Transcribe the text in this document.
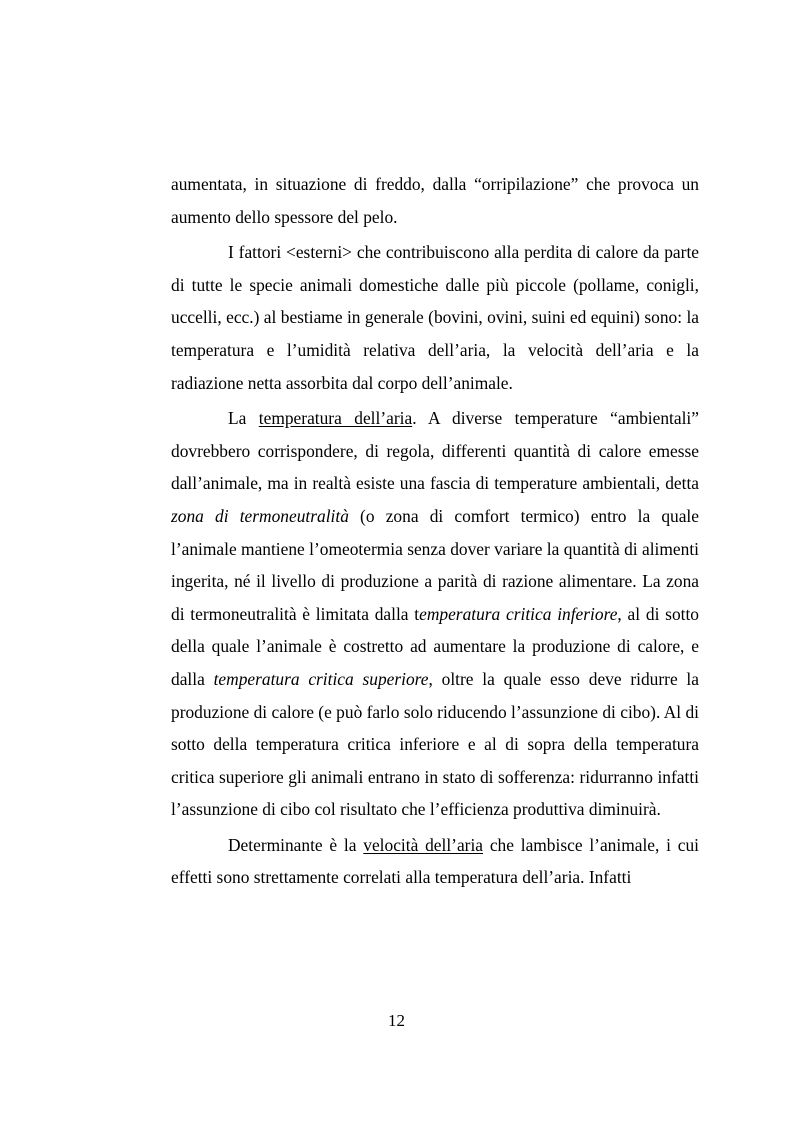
aumentata, in situazione di freddo, dalla “orripilazione” che provoca un aumento dello spessore del pelo.

I fattori <esterni> che contribuiscono alla perdita di calore da parte di tutte le specie animali domestiche dalle più piccole (pollame, conigli, uccelli, ecc.) al bestiame in generale (bovini, ovini, suini ed equini) sono: la temperatura e l’umidità relativa dell’aria, la velocità dell’aria e la radiazione netta assorbita dal corpo dell’animale.

La temperatura dell’aria. A diverse temperature “ambientali” dovrebbero corrispondere, di regola, differenti quantità di calore emesse dall’animale, ma in realtà esiste una fascia di temperature ambientali, detta zona di termoneutralità (o zona di comfort termico) entro la quale l’animale mantiene l’omeotermia senza dover variare la quantità di alimenti ingerita, né il livello di produzione a parità di razione alimentare. La zona di termoneutralità è limitata dalla temperatura critica inferiore, al di sotto della quale l’animale è costretto ad aumentare la produzione di calore, e dalla temperatura critica superiore, oltre la quale esso deve ridurre la produzione di calore (e può farlo solo riducendo l’assunzione di cibo). Al di sotto della temperatura critica inferiore e al di sopra della temperatura critica superiore gli animali entrano in stato di sofferenza: ridurranno infatti l’assunzione di cibo col risultato che l’efficienza produttiva diminuirà.

Determinante è la velocità dell’aria che lambisce l’animale, i cui effetti sono strettamente correlati alla temperatura dell’aria. Infatti

12
